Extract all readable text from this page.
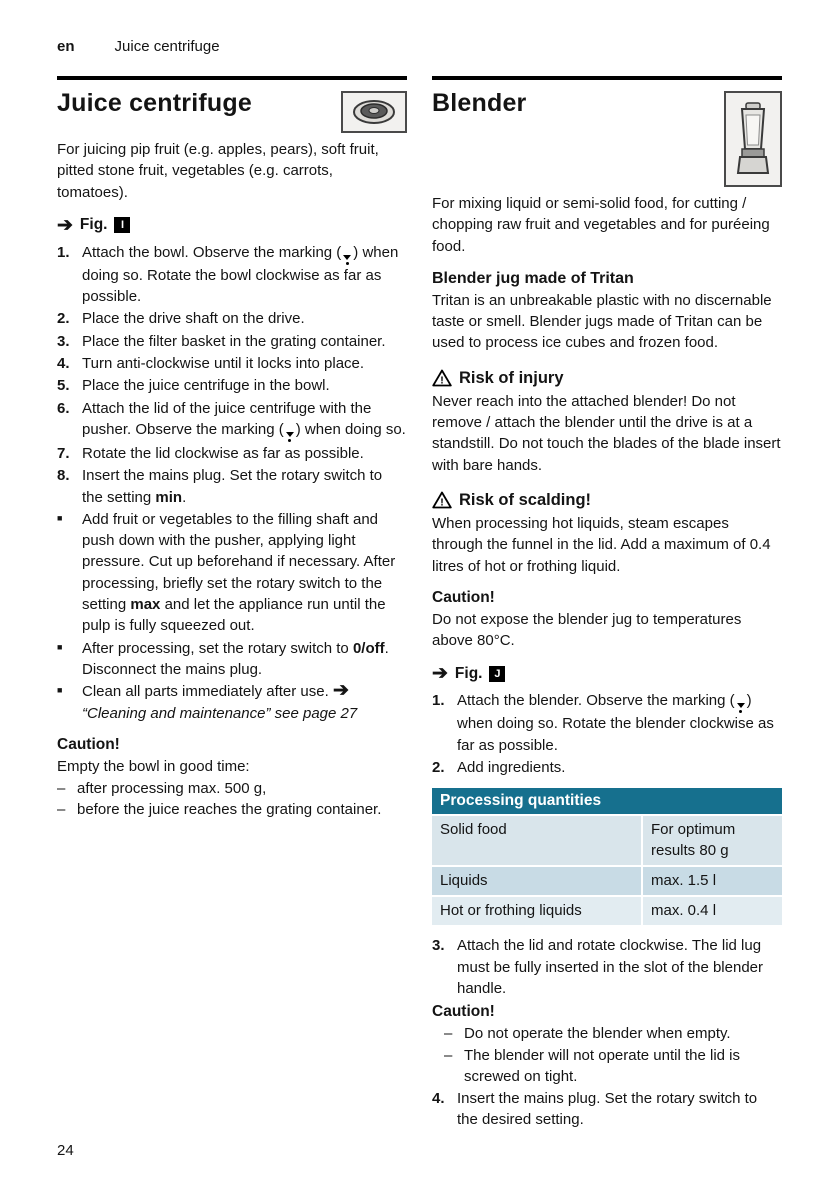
en	Juice centrifuge
Juice centrifuge

For juicing pip fruit (e.g. apples, pears), soft fruit, pitted stone fruit, vegetables (e.g. carrots, tomatoes).

➔ Fig.	I
1. Attach the bowl. Observe the marking ( ) when doing so. Rotate the bowl clockwise as far as possible.
2. Place the drive shaft on the drive.
3. Place the filter basket in the grating container.
4. Turn anti-clockwise until it locks into place.
5. Place the juice centrifuge in the bowl.
6. Attach the lid of the juice centrifuge with the pusher. Observe the marking ( ) when doing so.
7. Rotate the lid clockwise as far as possible.
8. Insert the mains plug. Set the rotary switch to the setting min.
■	Add fruit or vegetables to the filling shaft and push down with the pusher, applying light pressure. Cut up beforehand if necessary. After processing, briefly set the rotary switch to the setting max and let the appliance run until the pulp is fully squeezed out.
■	After processing, set the rotary switch to 0/off. Disconnect the mains plug.
■	Clean all parts immediately after use. ➔ “Cleaning and maintenance” see page 27
Caution!

Empty the bowl in good time:

– after processing max. 500 g,
– before the juice reaches the grating container.
Blender

For mixing liquid or semi-solid food, for cutting / chopping raw fruit and vegetables and for puréeing food.

Blender jug made of Tritan

Tritan is an unbreakable plastic with no discernable taste or smell. Blender jugs made of Tritan can be used to process ice cubes and frozen food.

! Risk of injury

Never reach into the attached blender! Do not remove / attach the blender until the drive is at a standstill. Do not touch the blades of the blade insert with bare hands.

! Risk of scalding!

When processing hot liquids, steam escapes through the funnel in the lid. Add a maximum of 0.4 litres of hot or frothing liquid.

Caution!

Do not expose the blender jug to temperatures above 80°C.

➔ Fig.	J
1. Attach the blender. Observe the marking ( ) when doing so. Rotate the blender clockwise as far as possible.
2. Add ingredients.
Processing quantities	
Solid food	For optimum results 80 g
Liquids	max. 1.5 l
Hot or frothing liquids	max. 0.4 l
3. Attach the lid and rotate clockwise. The lid lug must be fully inserted in the slot of the blender handle.
Caution!
– Do not operate the blender when empty.
– The blender will not operate until the lid is screwed on tight.
4. Insert the mains plug. Set the rotary switch to the desired setting.
24
